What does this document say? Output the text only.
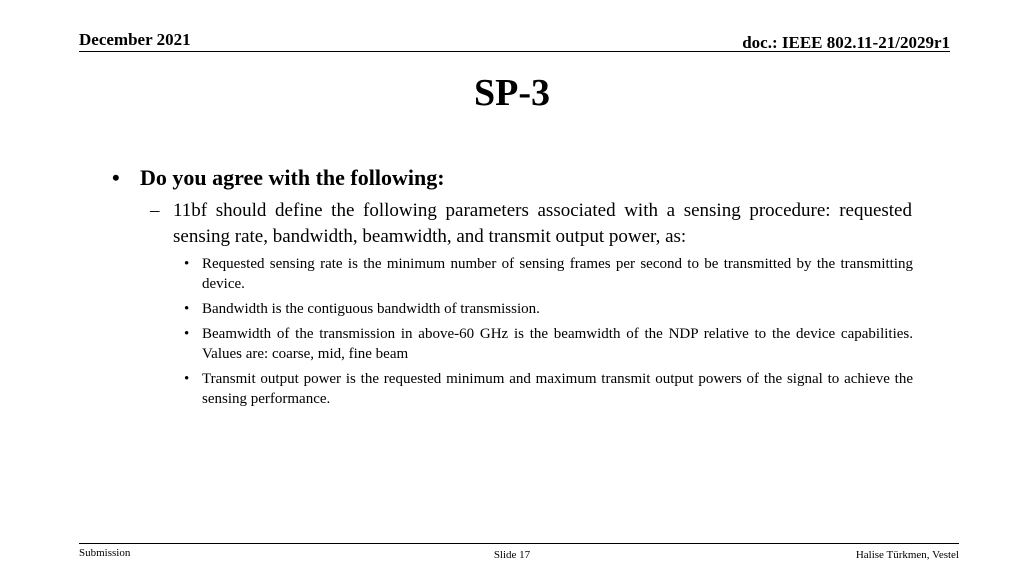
December 2021	doc.: IEEE 802.11-21/2029r1
SP-3
• Do you agree with the following:
– 11bf should define the following parameters associated with a sensing procedure: requested sensing rate, bandwidth, beamwidth, and transmit output power, as:
• Requested sensing rate is the minimum number of sensing frames per second to be transmitted by the transmitting device.
• Bandwidth is the contiguous bandwidth of transmission.
• Beamwidth of the transmission in above-60 GHz is the beamwidth of the NDP relative to the device capabilities. Values are: coarse, mid, fine beam
• Transmit output power is the requested minimum and maximum transmit output powers of the signal to achieve the sensing performance.
Submission	Slide 17	Halise Türkmen, Vestel
